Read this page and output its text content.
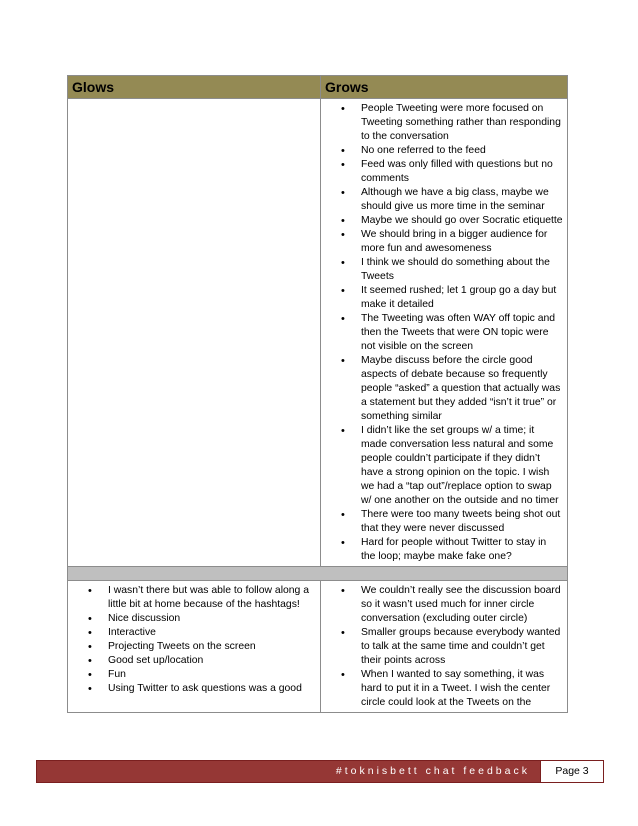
Glows	Grows
• People Tweeting were more focused on Tweeting something rather than responding to the conversation
• No one referred to the feed
• Feed was only filled with questions but no comments
• Although we have a big class, maybe we should give us more time in the seminar
• Maybe we should go over Socratic etiquette
• We should bring in a bigger audience for more fun and awesomeness
• I think we should do something about the Tweets
• It seemed rushed; let 1 group go a day but make it detailed
• The Tweeting was often WAY off topic and then the Tweets that were ON topic were not visible on the screen
• Maybe discuss before the circle good aspects of debate because so frequently people “asked” a question that actually was a statement but they added “isn’t it true” or something similar
• I didn’t like the set groups w/ a time; it made conversation less natural and some people couldn’t participate if they didn’t have a strong opinion on the topic. I wish we had a “tap out”/replace option to swap w/ one another on the outside and no timer
• There were too many tweets being shot out that they were never discussed
• Hard for people without Twitter to stay in the loop; maybe make fake one?
• I wasn’t there but was able to follow along a little bit at home because of the hashtags!
• Nice discussion
• Interactive
• Projecting Tweets on the screen
• Good set up/location
• Fun
• Using Twitter to ask questions was a good
• We couldn’t really see the discussion board so it wasn’t used much for inner circle conversation (excluding outer circle)
• Smaller groups because everybody wanted to talk at the same time and couldn’t get their points across
• When I wanted to say something, it was hard to put it in a Tweet. I wish the center circle could look at the Tweets on the
#toknisbett chat feedback	Page 3
